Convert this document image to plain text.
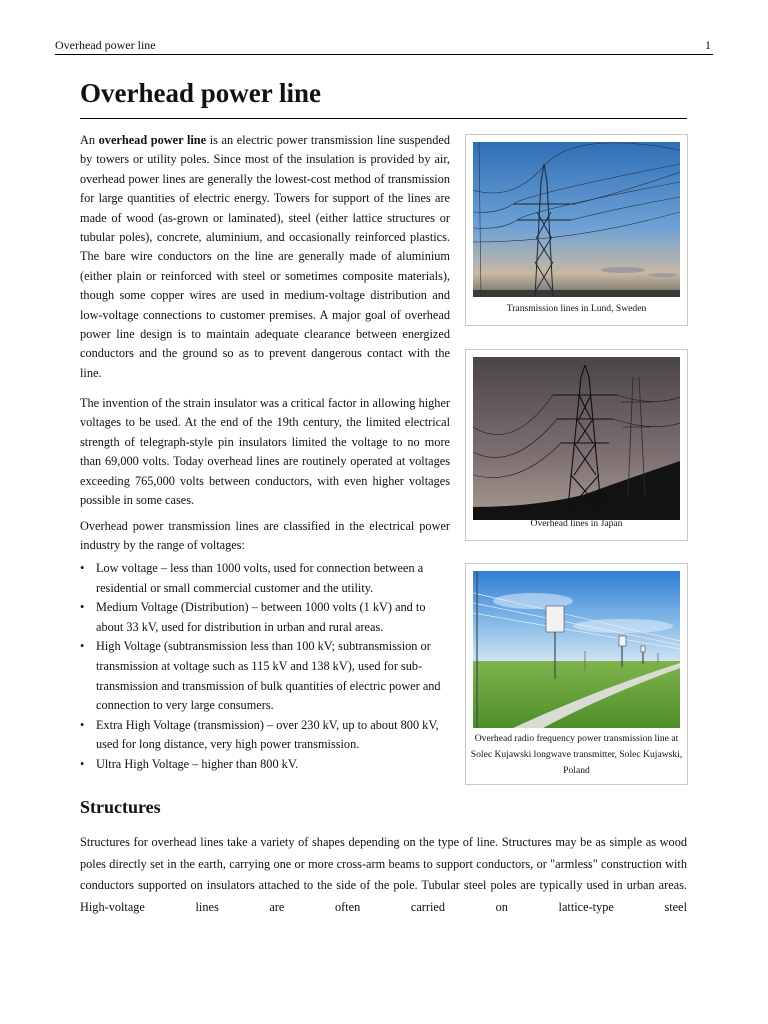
Overhead power line	1
Overhead power line

An overhead power line is an electric power transmission line suspended by towers or utility poles. Since most of the insulation is provided by air, overhead power lines are generally the lowest-cost method of transmission for large quantities of electric energy. Towers for support of the lines are made of wood (as-grown or laminated), steel (either lattice structures or tubular poles), concrete, aluminium, and occasionally reinforced plastics. The bare wire conductors on the line are generally made of aluminium (either plain or reinforced with steel or sometimes composite materials), though some copper wires are used in medium-voltage distribution and low-voltage connections to customer premises. A major goal of overhead power line design is to maintain adequate clearance between energized conductors and the ground so as to prevent dangerous contact with the line.

The invention of the strain insulator was a critical factor in allowing higher voltages to be used. At the end of the 19th century, the limited electrical strength of telegraph-style pin insulators limited the voltage to no more than 69,000 volts. Today overhead lines are routinely operated at voltages exceeding 765,000 volts between conductors, with even higher voltages possible in some cases.

Overhead power transmission lines are classified in the electrical power industry by the range of voltages:

• Low voltage – less than 1000 volts, used for connection between a residential or small commercial customer and the utility.
• Medium Voltage (Distribution) – between 1000 volts (1 kV) and to about 33 kV, used for distribution in urban and rural areas.
• High Voltage (subtransmission less than 100 kV; subtransmission or transmission at voltage such as 115 kV and 138 kV), used for sub-transmission and transmission of bulk quantities of electric power and connection to very large consumers.
• Extra High Voltage (transmission) – over 230 kV, up to about 800 kV, used for long distance, very high power transmission.
• Ultra High Voltage – higher than 800 kV.
Transmission lines in Lund, Sweden
Overhead lines in Japan
Overhead radio frequency power transmission line at Solec Kujawski longwave transmitter, Solec Kujawski, Poland
Structures

Structures for overhead lines take a variety of shapes depending on the type of line. Structures may be as simple as wood poles directly set in the earth, carrying one or more cross-arm beams to support conductors, or "armless" construction with conductors supported on insulators attached to the side of the pole. Tubular steel poles are typically used in urban areas. High-voltage lines are often carried on lattice-type steel
